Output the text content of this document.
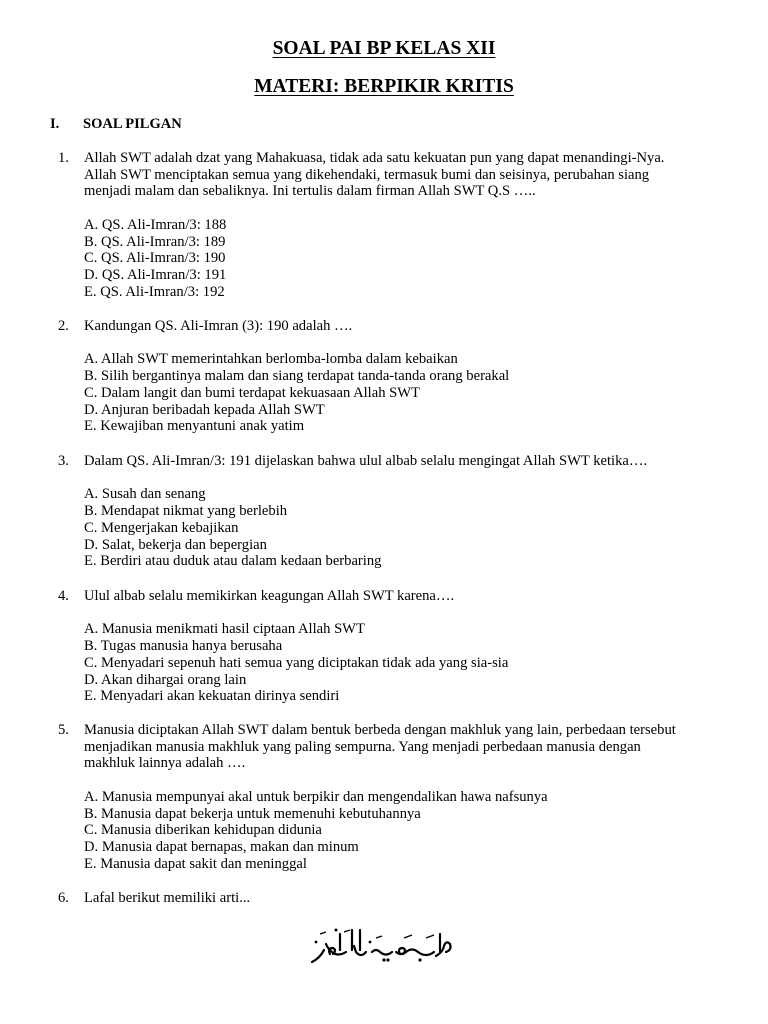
SOAL PAI BP KELAS XII
MATERI: BERPIKIR KRITIS
I. SOAL PILGAN
1.	Allah SWT adalah dzat yang Mahakuasa, tidak ada satu kekuatan pun yang dapat menandingi-Nya.
Allah SWT menciptakan semua yang dikehendaki, termasuk bumi dan seisinya, perubahan siang
menjadi malam dan sebaliknya. Ini tertulis dalam firman Allah SWT Q.S …..
A. QS. Ali-Imran/3: 188
B. QS. Ali-Imran/3: 189
C. QS. Ali-Imran/3: 190
D. QS. Ali-Imran/3: 191
E. QS. Ali-Imran/3: 192
2.	Kandungan QS. Ali-Imran (3): 190 adalah ….
A. Allah SWT memerintahkan berlomba-lomba dalam kebaikan
B. Silih bergantinya malam dan siang terdapat tanda-tanda orang berakal
C. Dalam langit dan bumi terdapat kekuasaan Allah SWT
D. Anjuran beribadah kepada Allah SWT
E. Kewajiban menyantuni anak yatim
3.	Dalam QS. Ali-Imran/3: 191 dijelaskan bahwa ulul albab selalu mengingat Allah SWT ketika….
A. Susah dan senang
B. Mendapat nikmat yang berlebih
C. Mengerjakan kebajikan
D. Salat, bekerja dan bepergian
E. Berdiri atau duduk atau dalam kedaan berbaring
4.	Ulul albab selalu memikirkan keagungan Allah SWT karena….
A. Manusia menikmati hasil ciptaan Allah SWT
B. Tugas manusia hanya berusaha
C. Menyadari sepenuh hati semua yang diciptakan tidak ada yang sia-sia
D. Akan dihargai orang lain
E. Menyadari akan kekuatan dirinya sendiri
5.	Manusia diciptakan Allah SWT dalam bentuk berbeda dengan makhluk yang lain, perbedaan tersebut
menjadikan manusia makhluk yang paling sempurna. Yang menjadi perbedaan manusia dengan
makhluk lainnya adalah ….
A. Manusia mempunyai akal untuk berpikir dan mengendalikan hawa nafsunya
B. Manusia dapat bekerja untuk memenuhi kebutuhannya
C. Manusia diberikan kehidupan didunia
D. Manusia dapat bernapas, makan dan minum
E. Manusia dapat sakit dan meninggal
6.	Lafal berikut memiliki arti...
